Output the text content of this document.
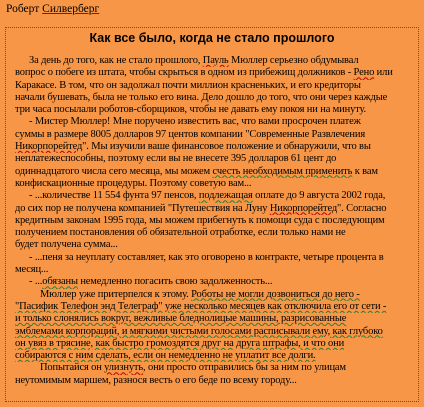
Роберт Силверберг
Как все было, когда не стало прошлого
За день до того, как не стало прошлого, Пауль Мюллер серьезно обдумывал
вопрос о побеге из штата, чтобы скрыться в одном из прибежищ должников - Рено или
Каракасе. В том, что он задолжал почти миллион красненьких, и его кредиторы
начали бушевать, была не только его вина. Дело дошло до того, что они через каждые
три часа посылали роботов-сборщиков, чтобы не давать ему покоя ни на минуту.
- Мистер Мюллер! Мне поручено известить вас, что вами просрочен платеж
суммы в размере 8005 долларов 97 центов компании "Современные Развлечения
Никорпорейтед". Мы изучили ваше финансовое положение и обнаружили, что вы
неплатежеспособны, поэтому если вы не внесете 395 долларов 61 цент до
одиннадцатого числа сего месяца, мы можем счесть необходимым применить к вам
конфискационные процедуры. Поэтому советую вам...
- ...количестве 11 554 фунта 97 пенсов, подлежащая оплате до 9 августа 2002 года,
до сих пор не получена компанией "Путешествия на Луну Никорпорейтед". Согласно
кредитным законам 1995 года, мы можем прибегнуть к помощи суда с последующим
получением постановления об обязательной отработке, если только нами не
будет получена сумма...
- ...пеня за неуплату составляет, как это оговорено в контракте, четыре процента в
месяц...
- ...обязаны немедленно погасить свою задолженность...
Мюллер уже притерпелся к этому. Роботы не могли дозвониться до него -
"Пасифик Телефон энд Телеграф" уже несколько месяцев как отключила его от сети -
и только слонялись вокруг, вежливые бледнолицые машины, разрисованные
эмблемами корпораций, и мягкими чистыми голосами расписывали ему, как глубоко
он увяз в трясине, как быстро громоздятся друг на друга штрафы, и что они
собираются с ним сделать, если он немедленно не уплатит все долги.
Попытайся он улизнуть, они просто отправились бы за ним по улицам
неутомимым маршем, разнося весть о его беде по всему городу...
